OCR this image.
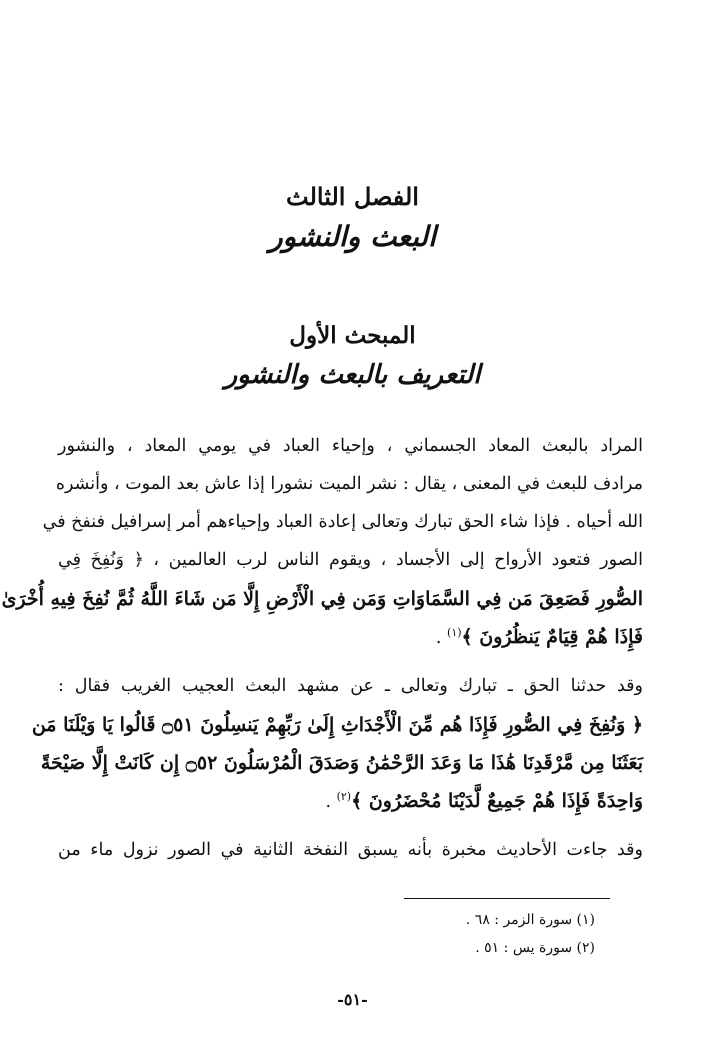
الفصل الثالث
البعث والنشور
المبحث الأول
التعريف بالبعث والنشور
المراد بالبعث المعاد الجسماني ، وإحياء العباد في يومي المعاد ، والنشور
مرادف للبعث في المعنى ، يقال : نشر الميت نشورا إذا عاش بعد الموت ، وأنشره
الله أحياه . فإذا شاء الحق تبارك وتعالى إعادة العباد وإحياءهم أمر إسرافيل فنفخ في
الصور فتعود الأرواح إلى الأجساد ، ويقوم الناس لرب العالمين ، ﴿ وَنُفِخَ فِي
الصُّورِ فَصَعِقَ مَن فِي السَّمَاوَاتِ وَمَن فِي الْأَرْضِ إِلَّا مَن شَاءَ اللَّهُ ثُمَّ نُفِخَ فِيهِ أُخْرَىٰ
فَإِذَا هُمْ قِيَامٌ يَنظُرُونَ ﴾$^{(١)}$ .
وقد حدثنا الحق ـ تبارك وتعالى ـ عن مشهد البعث العجيب الغريب فقال :
﴿ وَنُفِخَ فِي الصُّورِ فَإِذَا هُم مِّنَ الْأَجْدَاثِ إِلَىٰ رَبِّهِمْ يَنسِلُونَ ۝٥١ قَالُوا يَا وَيْلَنَا مَن
بَعَثَنَا مِن مَّرْقَدِنَا هَٰذَا مَا وَعَدَ الرَّحْمَٰنُ وَصَدَقَ الْمُرْسَلُونَ ۝٥٢ إِن كَانَتْ إِلَّا صَيْحَةً
وَاحِدَةً فَإِذَا هُمْ جَمِيعٌ لَّدَيْنَا مُحْضَرُونَ ﴾$^{(٢)}$ .
وقد جاءت الأحاديث مخبرة بأنه يسبق النفخة الثانية في الصور نزول ماء من
(١) سورة الزمر : ٦٨ .
(٢) سورة يس : ٥١ .
-٥١-
